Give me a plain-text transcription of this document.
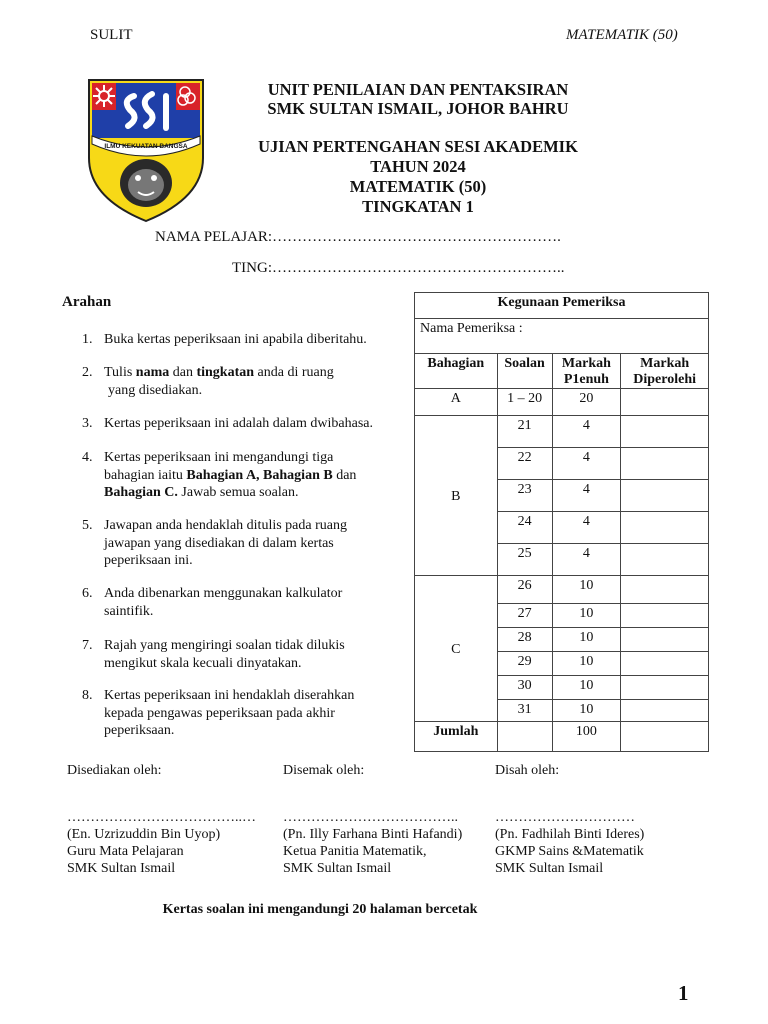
SULIT	MATEMATIK (50)
ILMU KEKUATAN BANGSA
UNIT PENILAIAN DAN PENTAKSIRAN
SMK SULTAN ISMAIL, JOHOR BAHRU
UJIAN PERTENGAHAN SESI AKADEMIK
TAHUN 2024
MATEMATIK (50)
TINGKATAN 1
NAMA PELAJAR:………………………………………………….
TING:…………………………………………………..
Arahan
1. Buka kertas peperiksaan ini apabila diberitahu.
2. Tulis nama dan tingkatan anda di ruang
yang disediakan.
3. Kertas peperiksaan ini adalah dalam dwibahasa.
4. Kertas peperiksaan ini mengandungi tiga bahagian iaitu Bahagian A, Bahagian B dan
Bahagian C. Jawab semua soalan.
5. Jawapan anda hendaklah ditulis pada ruang jawapan yang disediakan di dalam kertas peperiksaan ini.
6. Anda dibenarkan menggunakan kalkulator saintifik.
7. Rajah yang mengiringi soalan tidak dilukis mengikut skala kecuali dinyatakan.
8. Kertas peperiksaan ini hendaklah diserahkan kepada pengawas peperiksaan pada akhir peperiksaan.
Kegunaan Pemeriksa			
Nama Pemeriksa :			
Bahagian	Soalan	Markah P1enuh	Markah Diperolehi
A	1 – 20	20	
B	21	4	
	22	4	
	23	4	
	24	4	
	25	4	
C	26	10	
	27	10	
	28	10	
	29	10	
	30	10	
	31	10	
Jumlah		100	
Disediakan oleh:
………………………………..…
(En. Uzrizuddin Bin Uyop)
Guru Mata Pelajaran
SMK Sultan Ismail
Disemak oleh:
………………………………..
(Pn. Illy Farhana Binti Hafandi)
Ketua Panitia Matematik,
SMK Sultan Ismail
Disah oleh:
…………………………
(Pn. Fadhilah Binti Ideres)
GKMP Sains &Matematik
SMK Sultan Ismail
Kertas soalan ini mengandungi 20 halaman bercetak
1
